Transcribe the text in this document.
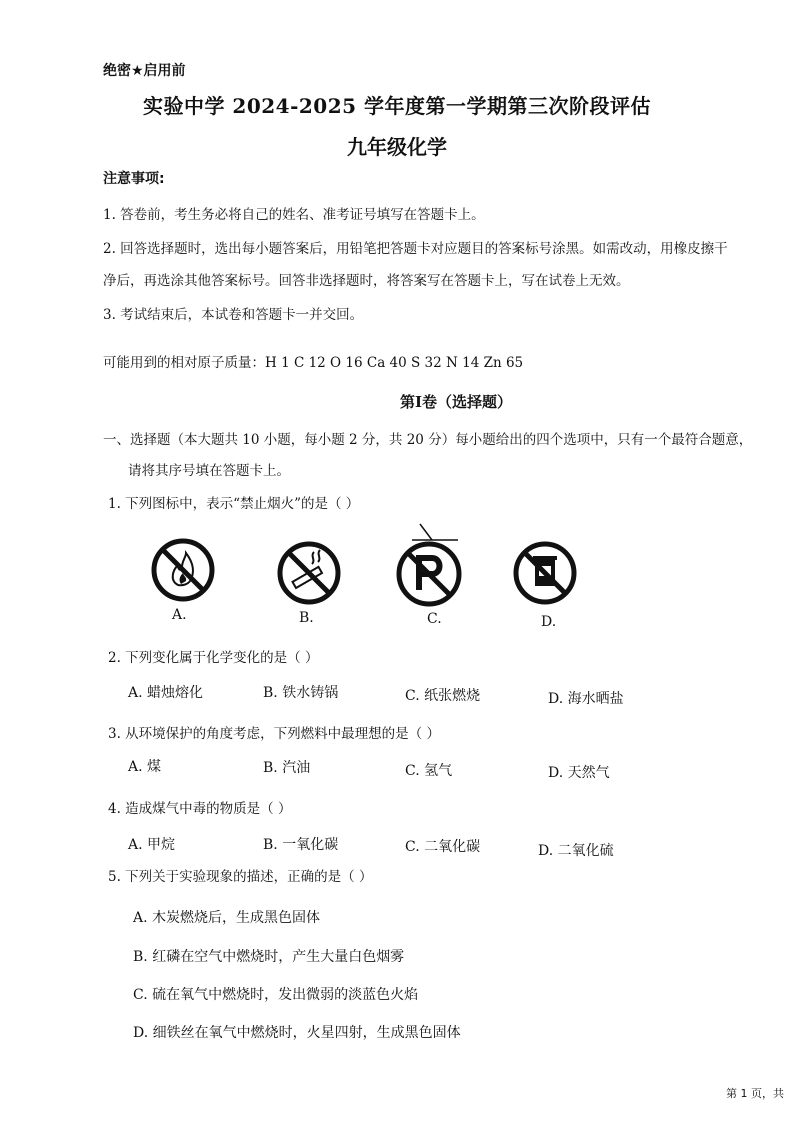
绝密★启用前
实验中学 2024-2025 学年度第一学期第三次阶段评估
九年级化学
注意事项:
1. 答卷前，考生务必将自己的姓名、准考证号填写在答题卡上。
2. 回答选择题时，选出每小题答案后，用铅笔把答题卡对应题目的答案标号涂黑。如需改动，用橡皮擦干
净后，再选涂其他答案标号。回答非选择题时，将答案写在答题卡上，写在试卷上无效。
3. 考试结束后，本试卷和答题卡一并交回。
可能用到的相对原子质量：H 1 C 12 O 16 Ca 40 S 32 N 14 Zn 65
第Ⅰ卷（选择题）
一、选择题（本大题共 10 小题，每小题 2 分，共 20 分）每小题给出的四个选项中，只有一个最符合题意，
请将其序号填在答题卡上。
1. 下列图标中，表示“禁止烟火”的是（ ）
A.	B.	C.	D.
2. 下列变化属于化学变化的是（ ）
A. 蜡烛熔化	B. 铁水铸锅	C. 纸张燃烧	D. 海水晒盐
3. 从环境保护的角度考虑，下列燃料中最理想的是（ ）
A. 煤	B. 汽油	C. 氢气	D. 天然气
4. 造成煤气中毒的物质是（ ）
A. 甲烷	B. 一氧化碳	C. 二氧化碳	D. 二氧化硫
5. 下列关于实验现象的描述，正确的是（ ）
A. 木炭燃烧后，生成黑色固体
B. 红磷在空气中燃烧时，产生大量白色烟雾
C. 硫在氧气中燃烧时，发出微弱的淡蓝色火焰
D. 细铁丝在氧气中燃烧时，火星四射，生成黑色固体
第 1 页，共
